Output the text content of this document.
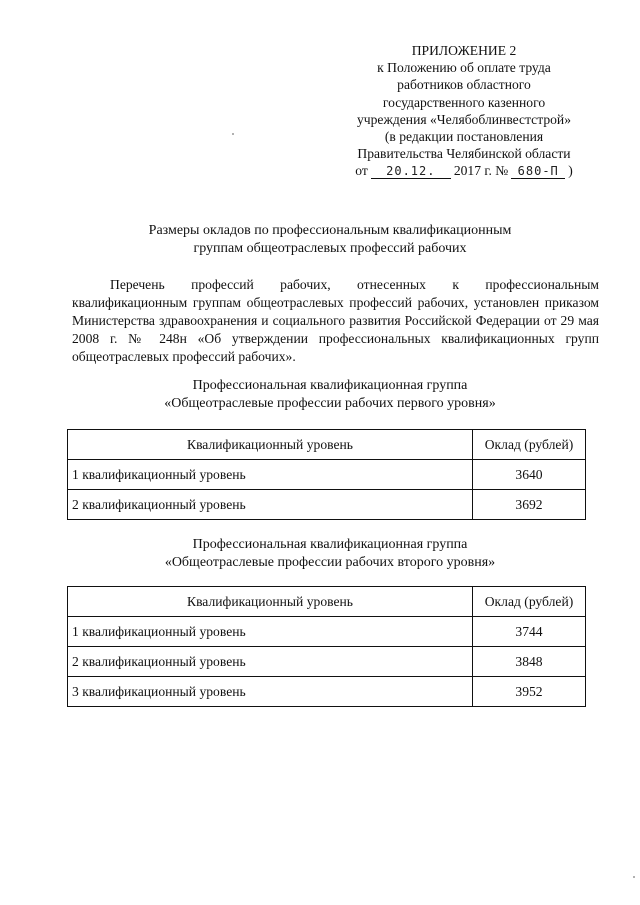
ПРИЛОЖЕНИЕ 2
к Положению об оплате труда
работников областного
государственного казенного
учреждения «Челябоблинвестстрой»
(в редакции постановления
Правительства Челябинской области
от	20.12.	2017 г. № 680-П )
Размеры окладов по профессиональным квалификационным
группам общеотраслевых профессий рабочих

Перечень профессий рабочих, отнесенных к профессиональным квалификационным группам общеотраслевых профессий рабочих, установлен приказом Министерства здравоохранения и социального развития Российской Федерации от 29 мая 2008 г. № 248н «Об утверждении профессиональных квалификационных групп общеотраслевых профессий рабочих».

Профессиональная квалификационная группа
«Общеотраслевые профессии рабочих первого уровня»
Квалификационный уровень	Оклад (рублей)
1 квалификационный уровень	3640
2 квалификационный уровень	3692
Профессиональная квалификационная группа
«Общеотраслевые профессии рабочих второго уровня»
Квалификационный уровень	Оклад (рублей)
1 квалификационный уровень	3744
2 квалификационный уровень	3848
3 квалификационный уровень	3952
